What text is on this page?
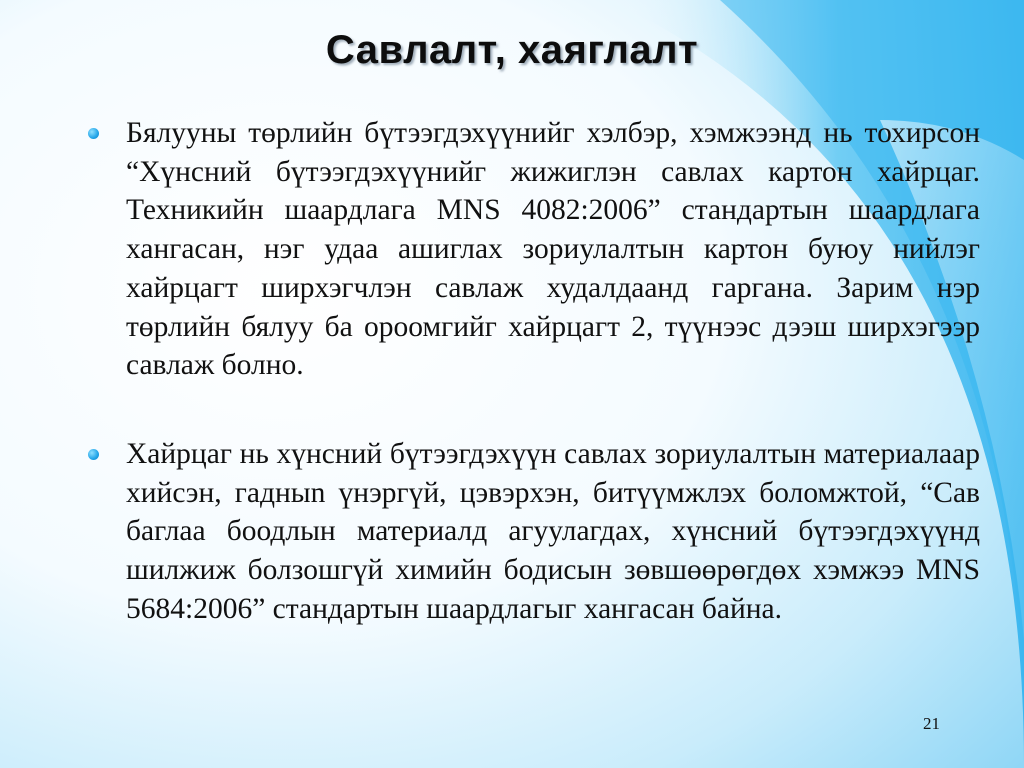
Савлалт, хаяглалт
Бялууны төрлийн бүтээгдэхүүнийг хэлбэр, хэмжээнд нь тохирсон “Хүнсний бүтээгдэхүүнийг жижиглэн савлах картон хайрцаг. Техникийн шаардлага MNS 4082:2006” стандартын шаардлага хангасан, нэг удаа ашиглах зориулалтын картон буюу нийлэг хайрцагт ширхэгчлэн савлаж худалдаанд гаргана. Зарим нэр төрлийн бялуу ба ороомгийг хайрцагт 2, түүнээс дээш ширхэгээр савлаж болно.
Хайрцаг нь хүнсний бүтээгдэхүүн савлах зориулалтын материалаар хийсэн, гадныn үнэргүй, цэвэрхэн, битүүмжлэх боломжтой, “Сав баглаа боодлын материалд агуулагдах, хүнсний бүтээгдэхүүнд шилжиж болзошгүй химийн бодисын зөвшөөрөгдөх хэмжээ MNS 5684:2006” стандартын шаардлагыг хангасан байна.
21
